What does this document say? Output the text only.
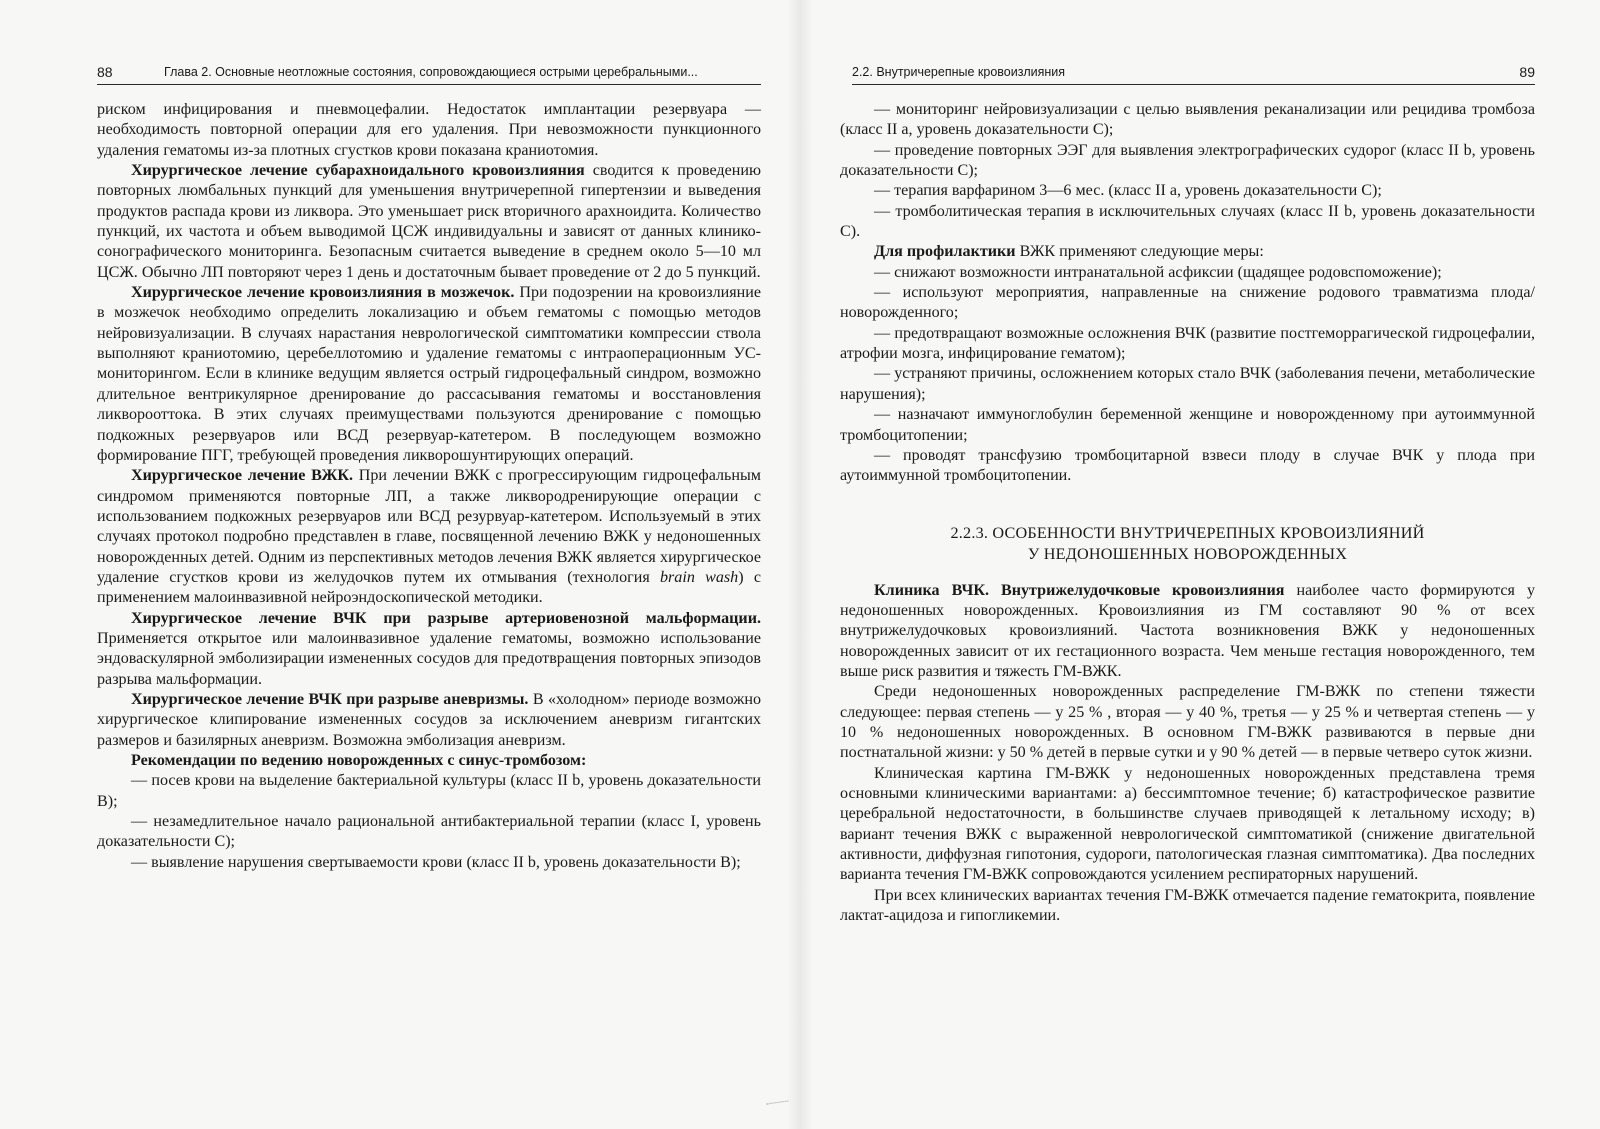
88	Глава 2. Основные неотложные состояния, сопровождающиеся острыми церебральными...

риском инфицирования и пневмоцефалии. Недостаток имплантации резервуара — необходимость повторной операции для его удаления. При невозможности пункционного удаления гематомы из-за плотных сгустков крови показана краниотомия.

Хирургическое лечение субарахноидального кровоизлияния сводится к проведению повторных люмбальных пункций для уменьшения внутричерепной гипертензии и выведения продуктов распада крови из ликвора. Это уменьшает риск вторичного арахноидита. Количество пункций, их частота и объем выводимой ЦСЖ индивидуальны и зависят от данных клинико-сонографического мониторинга. Безопасным считается выведение в среднем около 5—10 мл ЦСЖ. Обычно ЛП повторяют через 1 день и достаточным бывает проведение от 2 до 5 пункций.

Хирургическое лечение кровоизлияния в мозжечок. При подозрении на кровоизлияние в мозжечок необходимо определить локализацию и объем гематомы с помощью методов нейровизуализации. В случаях нарастания неврологической симптоматики компрессии ствола выполняют краниотомию, церебеллотомию и удаление гематомы с интраоперационным УС-мониторингом. Если в клинике ведущим является острый гидроцефальный синдром, возможно длительное вентрикулярное дренирование до рассасывания гематомы и восстановления ликворооттока. В этих случаях преимуществами пользуются дренирование с помощью подкожных резервуаров или ВСД резервуар-катетером. В последующем возможно формирование ПГГ, требующей проведения ликворошунтирующих операций.

Хирургическое лечение ВЖК. При лечении ВЖК с прогрессирующим гидроцефальным синдромом применяются повторные ЛП, а также ликвородренирующие операции с использованием подкожных резервуаров или ВСД резурвуар-катетером. Используемый в этих случаях протокол подробно представлен в главе, посвященной лечению ВЖК у недоношенных новорожденных детей. Одним из перспективных методов лечения ВЖК является хирургическое удаление сгустков крови из желудочков путем их отмывания (технология brain wash) с применением малоинвазивной нейроэндоскопической методики.

Хирургическое лечение ВЧК при разрыве артериовенозной мальформации. Применяется открытое или малоинвазивное удаление гематомы, возможно использование эндоваскулярной эмболизирации измененных сосудов для предотвращения повторных эпизодов разрыва мальформации.

Хирургическое лечение ВЧК при разрыве аневризмы. В «холодном» периоде возможно хирургическое клипирование измененных сосудов за исключением аневризм гигантских размеров и базилярных аневризм. Возможна эмболизация аневризм.

Рекомендации по ведению новорожденных с синус-тромбозом:

— посев крови на выделение бактериальной культуры (класс II b, уровень доказательности B);

— незамедлительное начало рациональной антибактериальной терапии (класс I, уровень доказательности C);

— выявление нарушения свертываемости крови (класс II b, уровень доказательности B);

2.2. Внутричерепные кровоизлияния	89

— мониторинг нейровизуализации с целью выявления реканализации или рецидива тромбоза (класс II a, уровень доказательности C);

— проведение повторных ЭЭГ для выявления электрографических судорог (класс II b, уровень доказательности C);

— терапия варфарином 3—6 мес. (класс II a, уровень доказательности C);

— тромболитическая терапия в исключительных случаях (класс II b, уровень доказательности C).

Для профилактики ВЖК применяют следующие меры:

— снижают возможности интранатальной асфиксии (щадящее родовспоможение);

— используют мероприятия, направленные на снижение родового травматизма плода/ новорожденного;

— предотвращают возможные осложнения ВЧК (развитие постгеморрагической гидроцефалии, атрофии мозга, инфицирование гематом);

— устраняют причины, осложнением которых стало ВЧК (заболевания печени, метаболические нарушения);

— назначают иммуноглобулин беременной женщине и новорожденному при аутоиммунной тромбоцитопении;

— проводят трансфузию тромбоцитарной взвеси плоду в случае ВЧК у плода при аутоиммунной тромбоцитопении.

2.2.3. ОСОБЕННОСТИ ВНУТРИЧЕРЕПНЫХ КРОВОИЗЛИЯНИЙ
У НЕДОНОШЕННЫХ НОВОРОЖДЕННЫХ

Клиника ВЧК. Внутрижелудочковые кровоизлияния наиболее часто формируются у недоношенных новорожденных. Кровоизлияния из ГМ составляют 90 % от всех внутрижелудочковых кровоизлияний. Частота возникновения ВЖК у недоношенных новорожденных зависит от их гестационного возраста. Чем меньше гестация новорожденного, тем выше риск развития и тяжесть ГМ-ВЖК.

Среди недоношенных новорожденных распределение ГМ-ВЖК по степени тяжести следующее: первая степень — у 25 % , вторая — у 40 %, третья — у 25 % и четвертая степень — у 10 % недоношенных новорожденных. В основном ГМ-ВЖК развиваются в первые дни постнатальной жизни: у 50 % детей в первые сутки и у 90 % детей — в первые четверо суток жизни.

Клиническая картина ГМ-ВЖК у недоношенных новорожденных представлена тремя основными клиническими вариантами: а) бессимптомное течение; б) катастрофическое развитие церебральной недостаточности, в большинстве случаев приводящей к летальному исходу; в) вариант течения ВЖК с выраженной неврологической симптоматикой (снижение двигательной активности, диффузная гипотония, судороги, патологическая глазная симптоматика). Два последних варианта течения ГМ-ВЖК сопровождаются усилением респираторных нарушений.

При всех клинических вариантах течения ГМ-ВЖК отмечается падение гематокрита, появление лактат-ацидоза и гипогликемии.
